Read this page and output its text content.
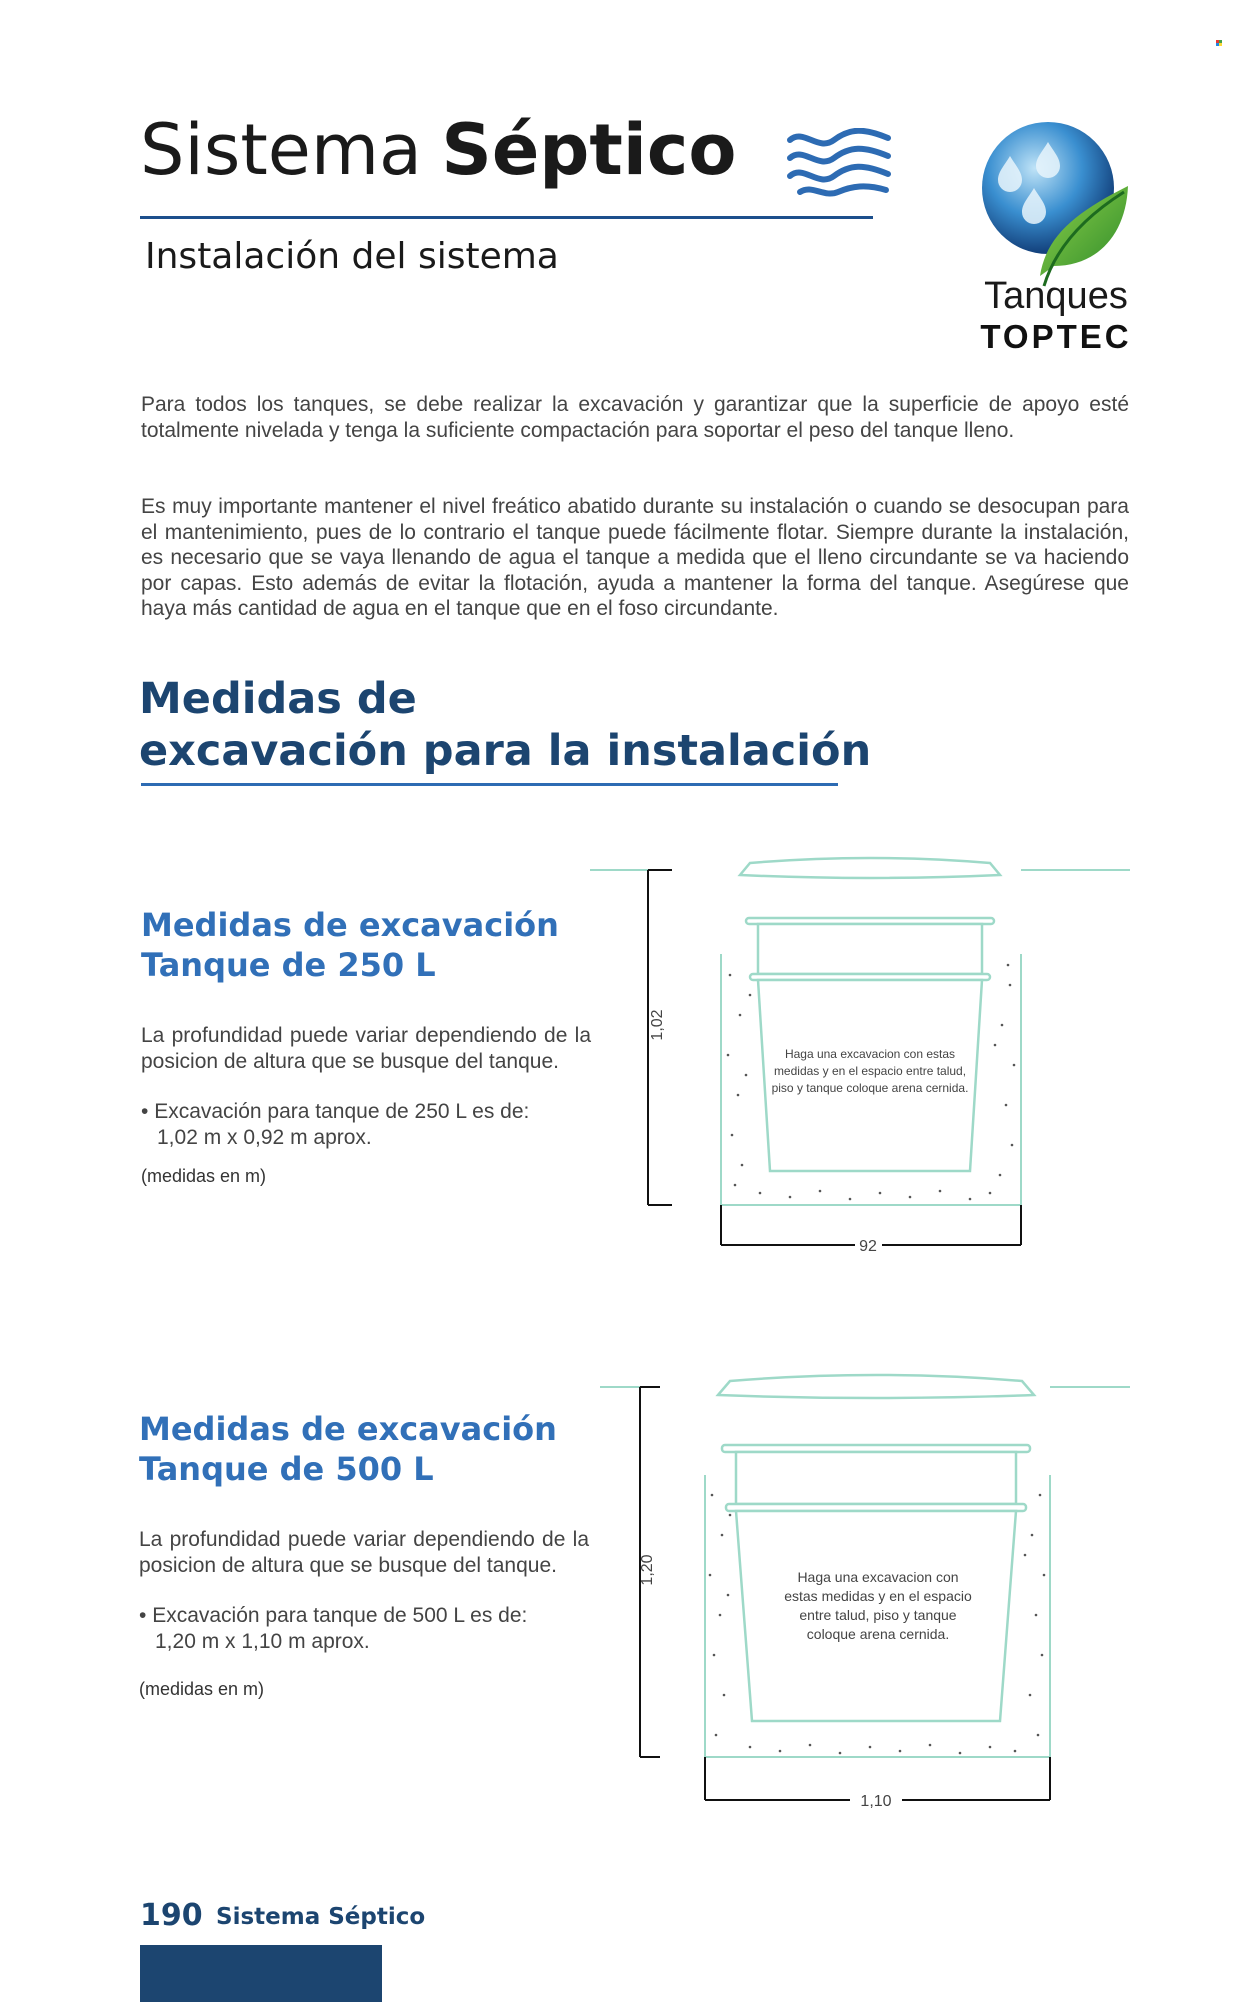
Sistema Séptico
Instalación del sistema
Tanques
TOPTEC

Para todos los tanques, se debe realizar la excavación y garantizar que la superficie de apoyo esté totalmente nivelada y tenga la suficiente compactación para soportar el peso del tanque lleno.

Es muy importante mantener el nivel freático abatido durante su instalación o cuando se desocupan para el mantenimiento, pues de lo contrario el tanque puede fácilmente flotar. Siempre durante la instalación, es necesario que se vaya llenando de agua el tanque a medida que el lleno circundante se va haciendo por capas. Esto además de evitar la flotación, ayuda a mantener la forma del tanque. Asegúrese que haya más cantidad de agua en el tanque que en el foso circundante.

Medidas de
excavación para la instalación
Medidas de excavación
Tanque de 250 L

La profundidad puede variar dependiendo de la posicion de altura que se busque del tanque.

• Excavación para tanque de 250 L es de:

1,02 m x 0,92 m aprox.

(medidas en m)
1,02
92
Haga una excavacion con estas
medidas y en el espacio entre talud,
piso y tanque coloque arena cernida.
Medidas de excavación
Tanque de 500 L

La profundidad puede variar dependiendo de la posicion de altura que se busque del tanque.

• Excavación para tanque de 500 L es de:

1,20 m x 1,10 m aprox.

(medidas en m)
1,20
1,10
Haga una excavacion con
estas medidas y en el espacio
entre talud, piso y tanque
coloque arena cernida.
190 Sistema Séptico
